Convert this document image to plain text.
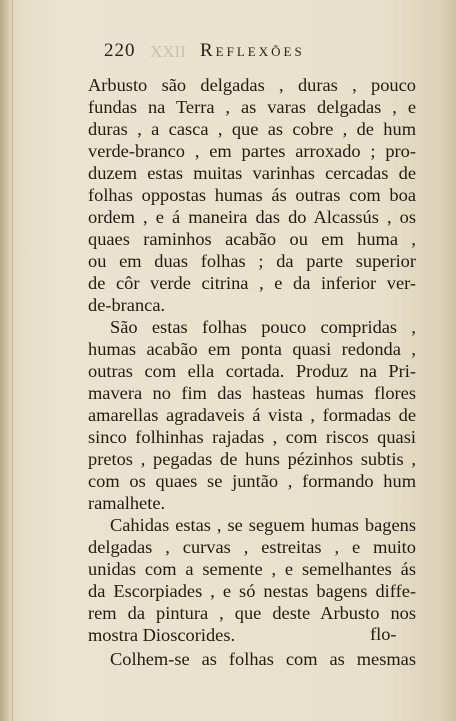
XXII
220	Reflexões
Arbusto são delgadas , duras , pouco
fundas na Terra , as varas delgadas , e
duras , a casca , que as cobre , de hum
verde-branco , em partes arroxado ; pro-
duzem estas muitas varinhas cercadas de
folhas oppostas humas ás outras com boa
ordem , e á maneira das do Alcassús , os
quaes raminhos acabão ou em huma ,
ou em duas folhas ; da parte superior
de côr verde citrina , e da inferior ver-
de-branca.
São estas folhas pouco compridas ,
humas acabão em ponta quasi redonda ,
outras com ella cortada. Produz na Pri-
mavera no fim das hasteas humas flores
amarellas agradaveis á vista , formadas de
sinco folhinhas rajadas , com riscos quasi
pretos , pegadas de huns pézinhos subtis ,
com os quaes se juntão , formando hum
ramalhete.
Cahidas estas , se seguem humas bagens
delgadas , curvas , estreitas , e muito
unidas com a semente , e semelhantes ás
da Escorpiades , e só nestas bagens diffe-
rem da pintura , que deste Arbusto nos
mostra Dioscorides.
Colhem-se as folhas com as mesmas
flo-
